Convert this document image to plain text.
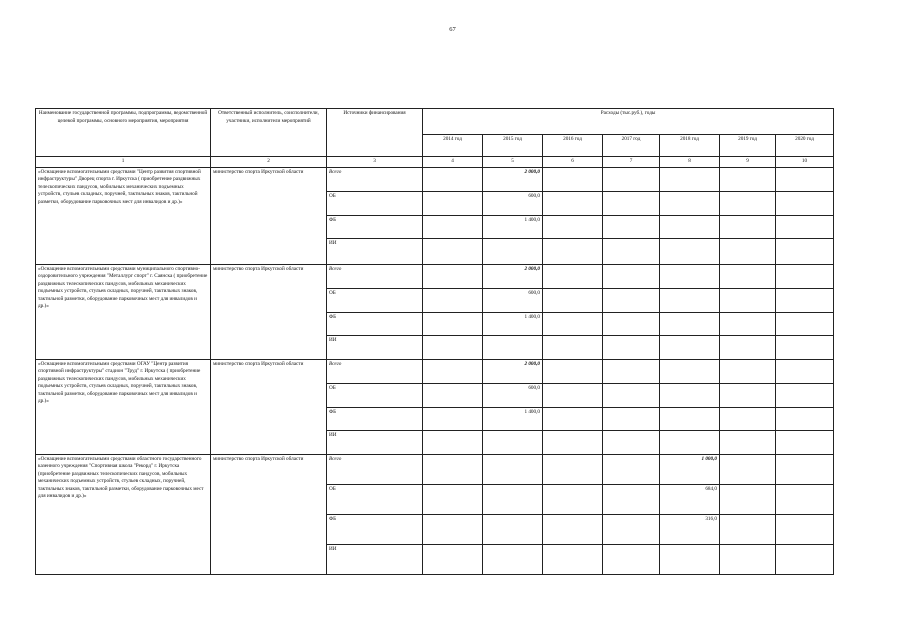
67
Наименование государственной программы, подпрограммы, ведомственной целевой программы, основного мероприятия, мероприятия	Ответственный исполнитель, соисполнители, участники, исполнители мероприятий	Источники финансирования	Расходы (тыс.руб.), годы						
			2014 год	2015 год	2016 год	2017 год	2018 год	2019 год	2020 год
1	2	3	4	5	6	7	8	9	10
«Оснащение вспомогательными средствами "Центр развития спортивной инфраструктуры" Дворец спорта г. Иркутска ( приобретение раздвижных телескопических пандусов, мобильных механических подъемных устройств, стульев складных, поручней, тактильных знаков, тактильной разметки, оборудование парковочных мест для инвалидов и др.)»	министерство спорта Иркутской области	Всего		2 000,0					
		ОБ		600,0					
		ФБ		1 400,0					
		ИИ							
«Оснащение вспомогательными средствами муниципального спортивно-оздоровительного учреждения "Металлург спорт" г. Саянска ( приобретение раздвижных телескопических пандусов, мобильных механических подъемных устройств, стульев складных, поручней, тактильных знаков, тактильной разметки, оборудование парковочных мест для инвалидов и др.)»	министерство спорта Иркутской области	Всего		2 000,0					
		ОБ		600,0					
		ФБ		1 400,0					
		ИИ							
«Оснащение вспомогательными средствами ОГАУ "Центр развития спортивной инфраструктуры" стадион "Труд" г. Иркутска ( приобретение раздвижных телескопических пандусов, мобильных механических подъемных устройств, стульев складных, поручней, тактильных знаков, тактильной разметки, оборудование парковочных мест для инвалидов и др.)»	министерство спорта Иркутской области	Всего		2 000,0					
		ОБ		600,0					
		ФБ		1 400,0					
		ИИ							
«Оснащение вспомогательными средствами областного государственного казенного учреждения "Спортивная школа "Рекорд" г. Иркутска (приобретение раздвижных телескопических пандусов, мобильных механических подъемных устройств, стульев складных, поручней, тактильных знаков, тактильной разметки, оборудование парковочных мест для инвалидов и др.)»	министерство спорта Иркутской области	Всего					1 000,0		
		ОБ					684,0		
		ФБ					316,0		
		ИИ							
